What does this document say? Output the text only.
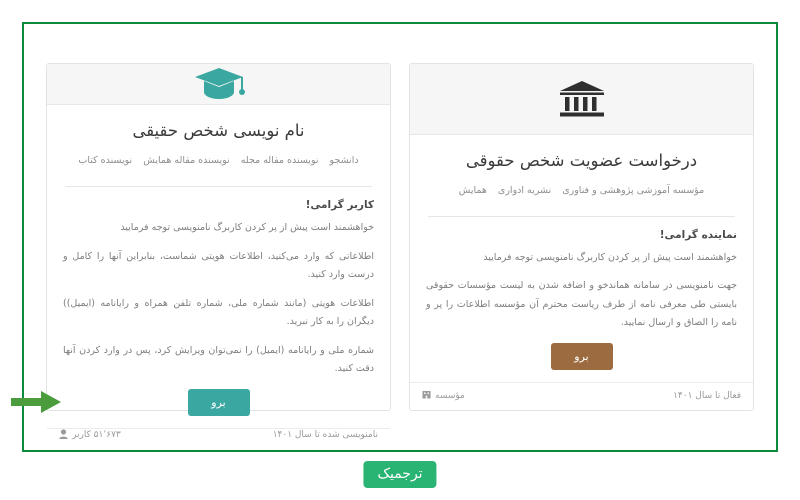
نام نویسی شخص حقیقی
دانشجو نویسنده مقاله مجله نویسنده مقاله همایش نویسنده کتاب
کاربر گرامی!
خواهشمند است پیش از پر کردن کاربرگ نامنویسی توجه فرمایید
اطلاعاتی که وارد می‌کنید، اطلاعات هویتی شماست، بنابراین آنها را کامل و درست وارد کنید.
اطلاعات هویتی (مانند شماره ملی، شماره تلفن همراه و رایانامه (ایمیل)) دیگران را به کار نبرید.
شماره ملی و رایانامه (ایمیل) را نمی‌توان ویرایش کرد، پس در وارد کردن آنها دقت کنید.
برو
۵۱٬۶۷۳ کاربر	نامنویسی شده تا سال ۱۴۰۱
درخواست عضویت شخص حقوقی
مؤسسه آموزشی پژوهشی و فناوری نشریه ادواری همایش
نماینده گرامی!
خواهشمند است پیش از پر کردن کاربرگ نامنویسی توجه فرمایید
جهت نامنویسی در سامانه هماندخو و اضافه شدن به لیست مؤسسات حقوقی بایستی طی معرفی نامه از طرف ریاست محترم آن مؤسسه اطلاعات را پر و نامه را الصاق و ارسال نمایید.
برو
مؤسسه	فعال تا سال ۱۴۰۱
ترجمیک
